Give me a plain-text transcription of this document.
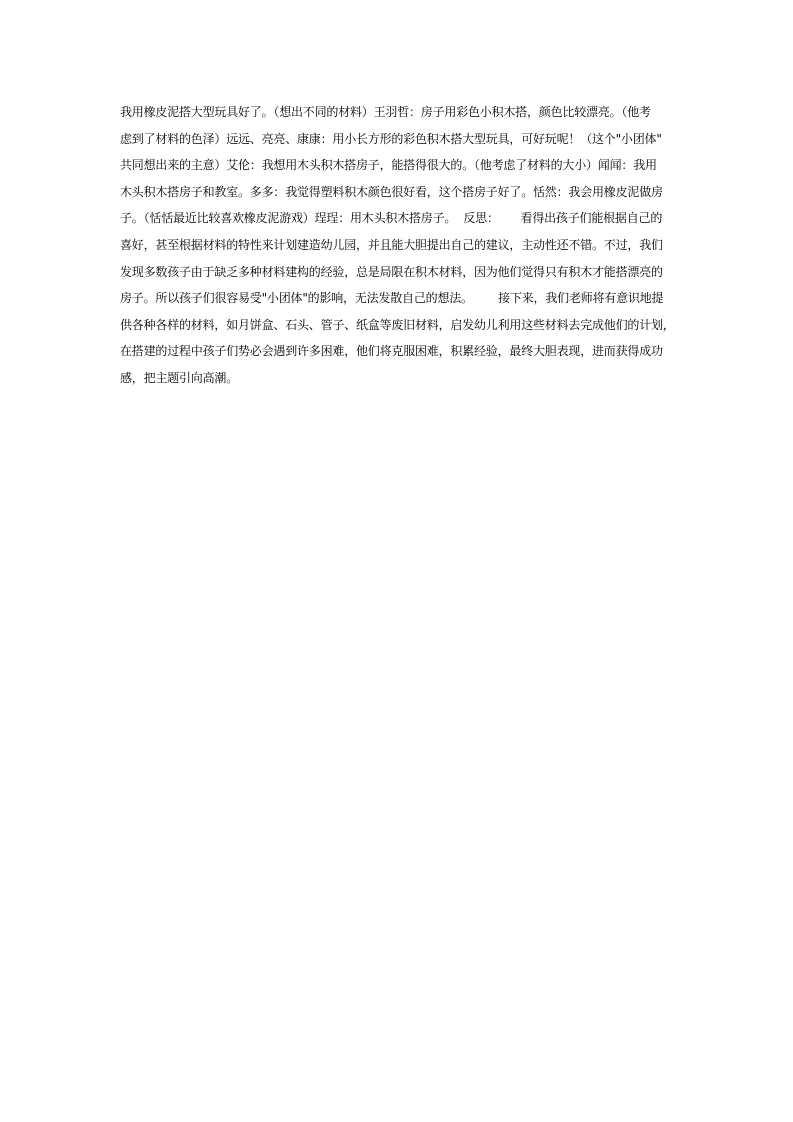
我用橡皮泥搭大型玩具好了。（想出不同的材料）王羽哲：房子用彩色小积木搭，颜色比较漂亮。（他考
虑到了材料的色泽）远远、亮亮、康康：用小长方形的彩色积木搭大型玩具，可好玩呢！（这个"小团体"
共同想出来的主意）艾伦：我想用木头积木搭房子，能搭得很大的。（他考虑了材料的大小）闻闻：我用
木头积木搭房子和教室。多多：我觉得塑料积木颜色很好看，这个搭房子好了。恬然：我会用橡皮泥做房
子。（恬恬最近比较喜欢橡皮泥游戏）珵珵：用木头积木搭房子。  反思：      看得出孩子们能根据自己的
喜好，甚至根据材料的特性来计划建造幼儿园，并且能大胆提出自己的建议，主动性还不错。不过，我们
发现多数孩子由于缺乏多种材料建构的经验，总是局限在积木材料，因为他们觉得只有积木才能搭漂亮的
房子。所以孩子们很容易受"小团体"的影响，无法发散自己的想法。       接下来，我们老师将有意识地提
供各种各样的材料，如月饼盒、石头、管子、纸盒等废旧材料，启发幼儿利用这些材料去完成他们的计划，
在搭建的过程中孩子们势必会遇到许多困难，他们将克服困难，积累经验，最终大胆表现，进而获得成功
感，把主题引向高潮。
